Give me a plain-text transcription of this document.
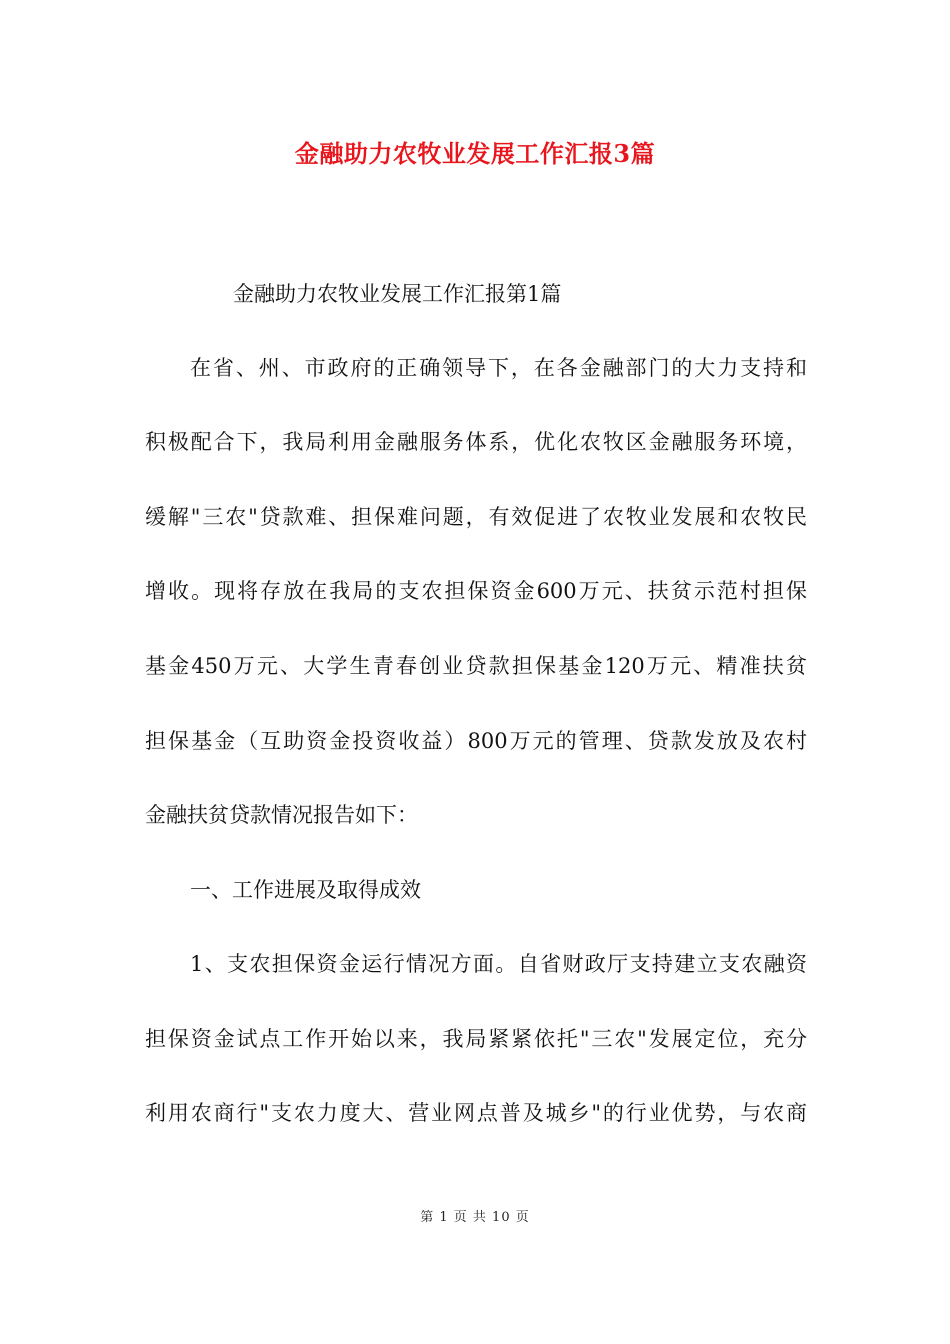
金融助力农牧业发展工作汇报3篇
金融助力农牧业发展工作汇报第1篇
在省、州、市政府的正确领导下，在各金融部门的大力支持和
积极配合下，我局利用金融服务体系，优化农牧区金融服务环境，
缓解"三农"贷款难、担保难问题，有效促进了农牧业发展和农牧民
增收。现将存放在我局的支农担保资金600万元、扶贫示范村担保
基金450万元、大学生青春创业贷款担保基金120万元、精准扶贫
担保基金（互助资金投资收益）800万元的管理、贷款发放及农村
金融扶贫贷款情况报告如下：
一、工作进展及取得成效
1、支农担保资金运行情况方面。自省财政厅支持建立支农融资
担保资金试点工作开始以来，我局紧紧依托"三农"发展定位，充分
利用农商行"支农力度大、营业网点普及城乡"的行业优势，与农商
第 1 页 共 10 页
